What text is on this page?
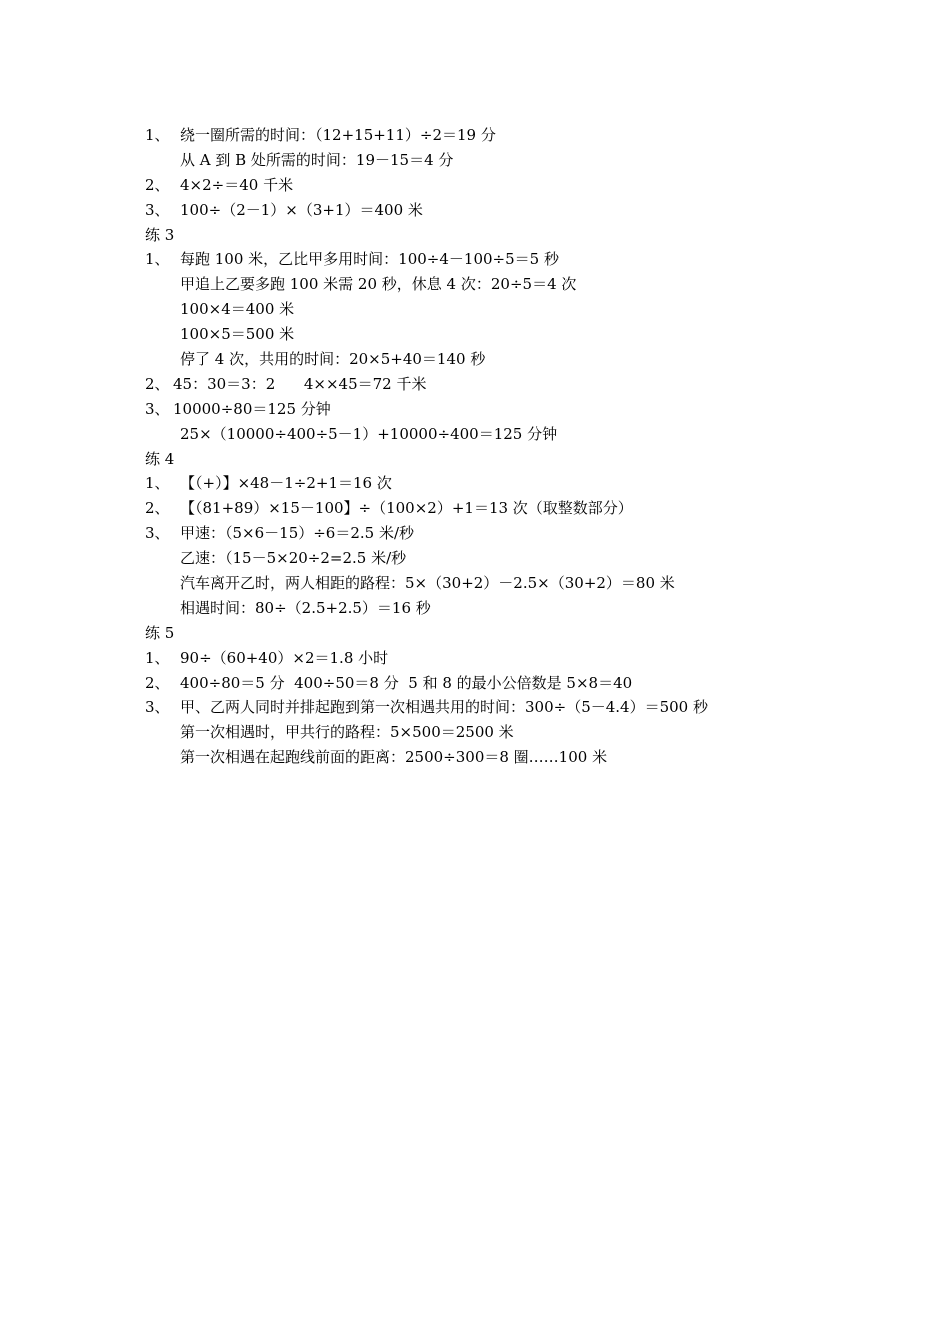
1、 绕一圈所需的时间：（12+15+11）÷2＝19 分
从 A 到 B 处所需的时间：19－15＝4 分
2、 4×2÷＝40 千米
3、 100÷（2－1）×（3+1）＝400 米
练 3
1、 每跑 100 米，乙比甲多用时间：100÷4－100÷5＝5 秒
甲追上乙要多跑 100 米需 20 秒，休息 4 次：20÷5＝4 次
100×4＝400 米
100×5＝500 米
停了 4 次，共用的时间：20×5+40＝140 秒
2、 45：30＝3：2      4××45＝72 千米
3、 10000÷80＝125 分钟
25×（10000÷400÷5－1）+10000÷400＝125 分钟
练 4
1、 【（+）】×48－1÷2+1＝16 次
2、 【（81+89）×15－100】÷（100×2）+1＝13 次（取整数部分）
3、 甲速：（5×6－15）÷6＝2.5 米/秒
乙速：（15－5×20÷2=2.5 米/秒
汽车离开乙时，两人相距的路程：5×（30+2）－2.5×（30+2）＝80 米
相遇时间：80÷（2.5+2.5）＝16 秒
练 5
1、 90÷（60+40）×2＝1.8 小时
2、 400÷80＝5 分  400÷50＝8 分  5 和 8 的最小公倍数是 5×8＝40
3、 甲、乙两人同时并排起跑到第一次相遇共用的时间：300÷（5－4.4）＝500 秒
第一次相遇时，甲共行的路程：5×500＝2500 米
第一次相遇在起跑线前面的距离：2500÷300＝8 圈……100 米
